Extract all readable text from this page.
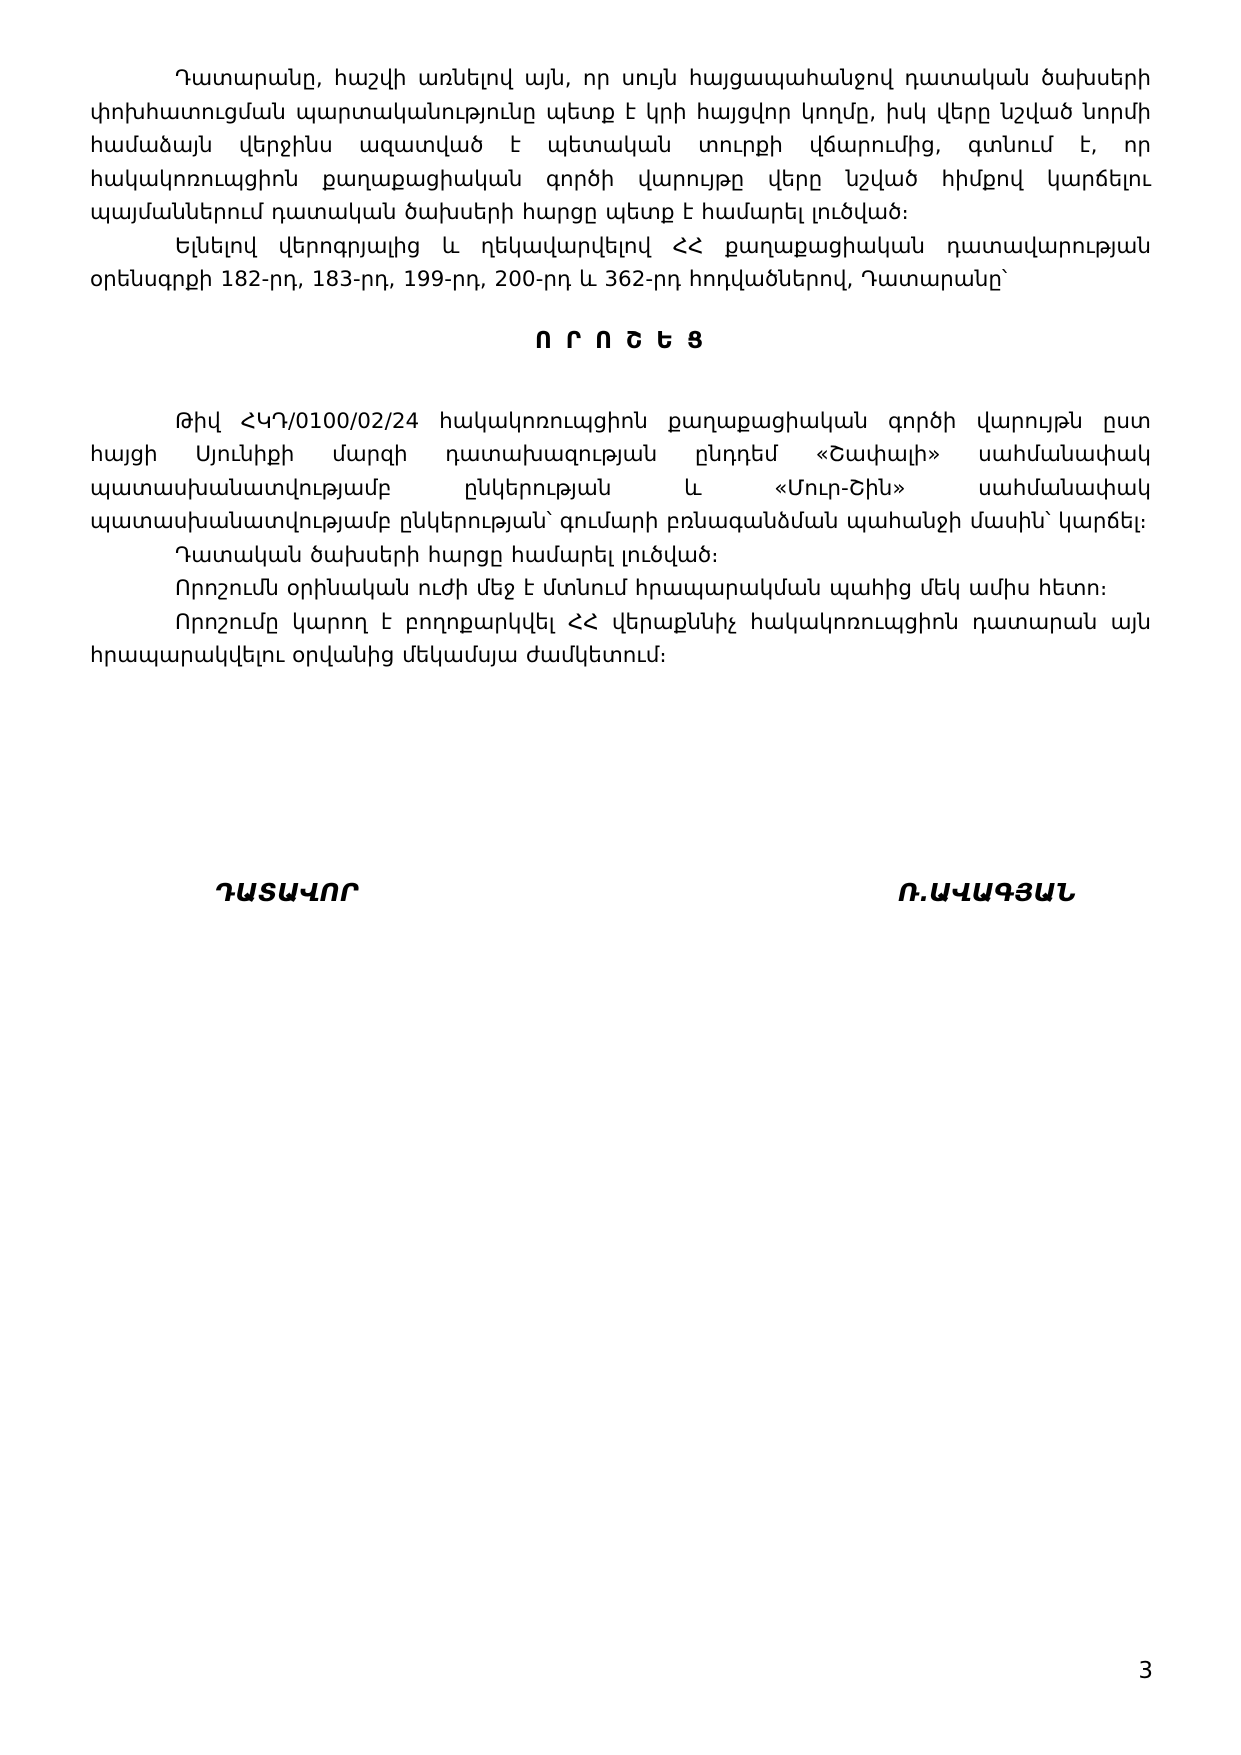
Դատարանը, հաշվի առնելով այն, որ սույն հայցապահանջով դատական ծախսերի փոխհատուցման պարտականությունը պետք է կրի հայցվոր կողմը, իսկ վերը նշված նորմի համաձայն վերջինս ազատված է պետական տուրքի վճարումից, գտնում է, որ հակակոռուպցիոն քաղաքացիական գործի վարույթը վերը նշված հիմքով կարճելու պայմաններում դատական ծախսերի հարցը պետք է համարել լուծված։

Ելնելով վերոգրյալից և ղեկավարվելով ՀՀ քաղաքացիական դատավարության օրենսգրքի 182-րդ, 183-րդ, 199-րդ, 200-րդ և 362-րդ հոդվածներով, Դատարանը՝

Ո Ր Ո Շ Ե Ց

Թիվ ՀԿԴ/0100/02/24 հակակոռուպցիոն քաղաքացիական գործի վարույթն ըստ հայցի Սյունիքի մարզի դատախազության ընդդեմ «Շափալի» սահմանափակ պատասխանատվությամբ ընկերության և «Մուր-Շին» սահմանափակ պատասխանատվությամբ ընկերության՝ գումարի բռնագանձման պահանջի մասին՝ կարճել։

Դատական ծախսերի հարցը համարել լուծված։

Որոշումն օրինական ուժի մեջ է մտնում հրապարակման պահից մեկ ամիս հետո։

Որոշումը կարող է բողոքարկվել ՀՀ վերաքննիչ հակակոռուպցիոն դատարան այն հրապարակվելու օրվանից մեկամսյա ժամկետում։

ԴԱՏԱՎՈՐ	Ռ.ԱՎԱԳՅԱՆ
3
